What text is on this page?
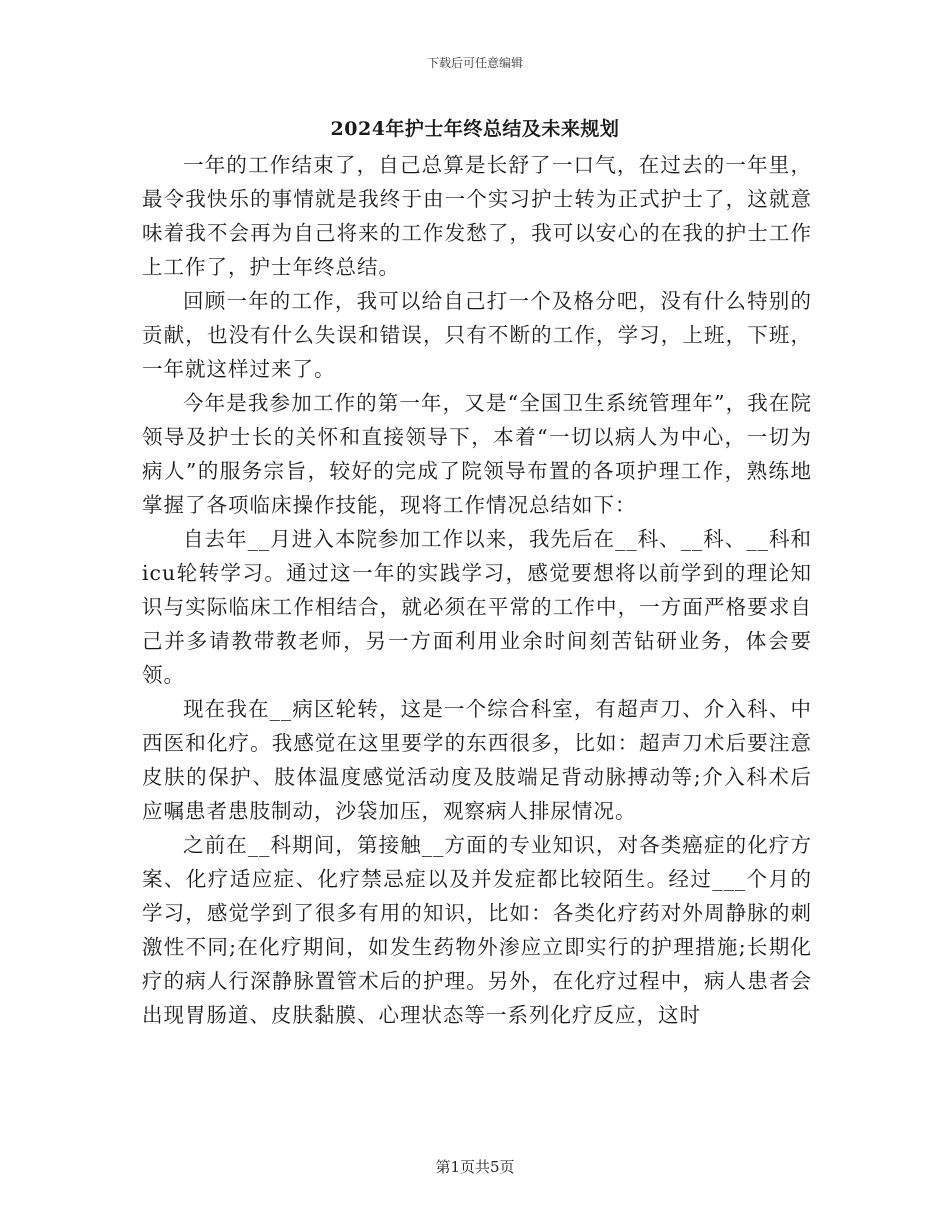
下载后可任意编辑
2024年护士年终总结及未来规划

一年的工作结束了，自己总算是长舒了一口气，在过去的一年里，最令我快乐的事情就是我终于由一个实习护士转为正式护士了，这就意味着我不会再为自己将来的工作发愁了，我可以安心的在我的护士工作上工作了，护士年终总结。

回顾一年的工作，我可以给自己打一个及格分吧，没有什么特别的贡献，也没有什么失误和错误，只有不断的工作，学习，上班，下班，一年就这样过来了。

今年是我参加工作的第一年，又是“全国卫生系统管理年”，我在院领导及护士长的关怀和直接领导下，本着“一切以病人为中心，一切为病人”的服务宗旨，较好的完成了院领导布置的各项护理工作，熟练地掌握了各项临床操作技能，现将工作情况总结如下：

自去年__月进入本院参加工作以来，我先后在__科、__科、__科和icu轮转学习。通过这一年的实践学习，感觉要想将以前学到的理论知识与实际临床工作相结合，就必须在平常的工作中，一方面严格要求自己并多请教带教老师，另一方面利用业余时间刻苦钻研业务，体会要领。

现在我在__病区轮转，这是一个综合科室，有超声刀、介入科、中西医和化疗。我感觉在这里要学的东西很多，比如：超声刀术后要注意皮肤的保护、肢体温度感觉活动度及肢端足背动脉搏动等;介入科术后应嘱患者患肢制动，沙袋加压，观察病人排尿情况。

之前在__科期间，第接触__方面的专业知识，对各类癌症的化疗方案、化疗适应症、化疗禁忌症以及并发症都比较陌生。经过___个月的学习，感觉学到了很多有用的知识，比如：各类化疗药对外周静脉的刺激性不同;在化疗期间，如发生药物外渗应立即实行的护理措施;长期化疗的病人行深静脉置管术后的护理。另外，在化疗过程中，病人患者会出现胃肠道、皮肤黏膜、心理状态等一系列化疗反应，这时

第1页共5页
